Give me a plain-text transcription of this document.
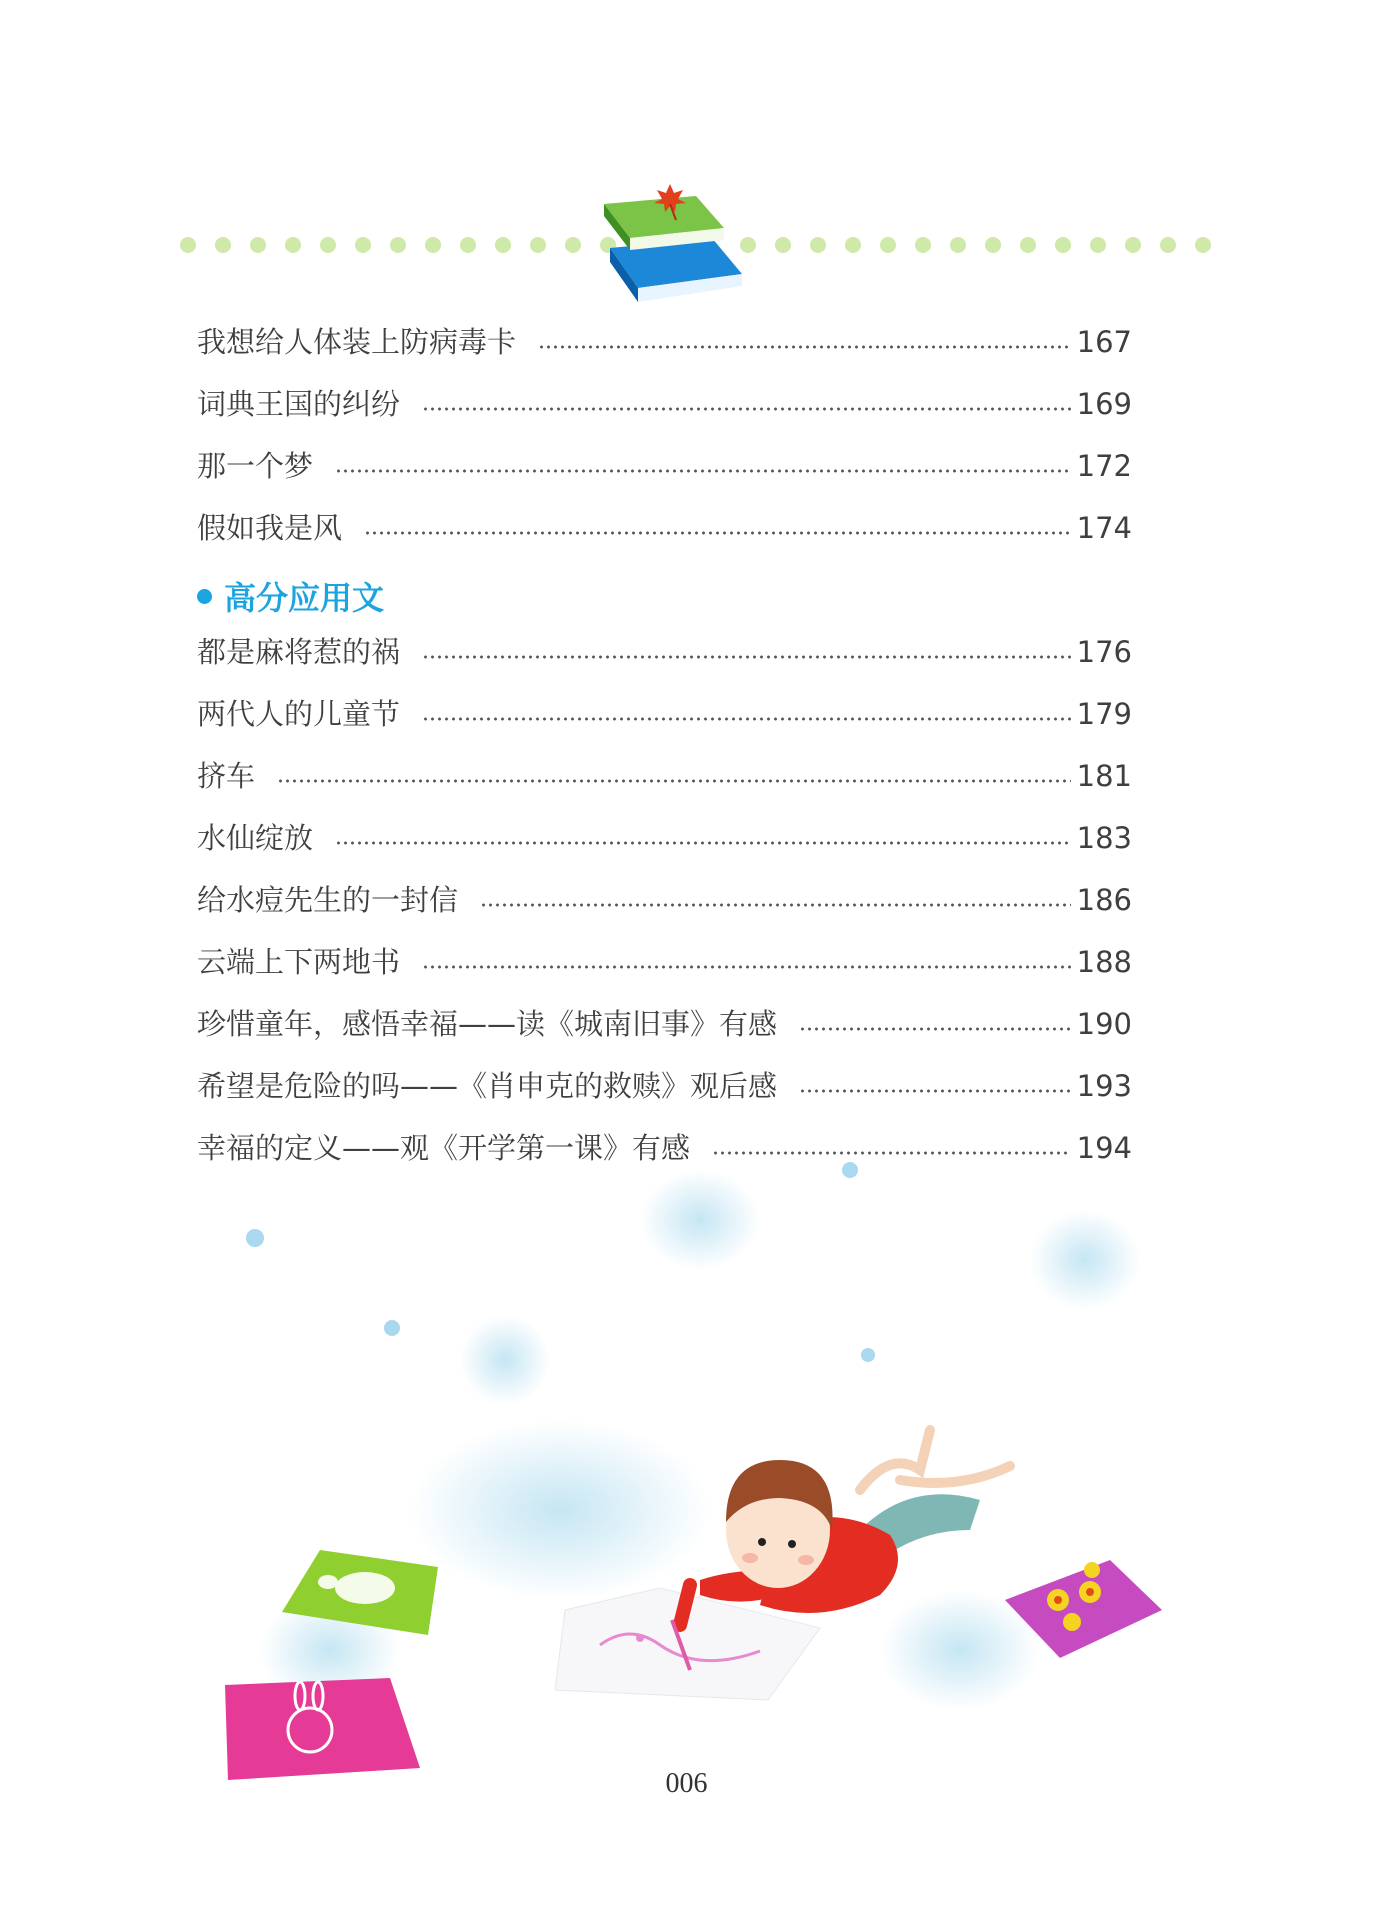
我想给人体装上防病毒卡	167
词典王国的纠纷	169
那一个梦	172
假如我是风	174
都是麻将惹的祸	176
两代人的儿童节	179
挤车	181
水仙绽放	183
给水痘先生的一封信	186
云端上下两地书	188
珍惜童年，感悟幸福——读《城南旧事》有感	190
希望是危险的吗——《肖申克的救赎》观后感	193
幸福的定义——观《开学第一课》有感	194
高分应用文
006
